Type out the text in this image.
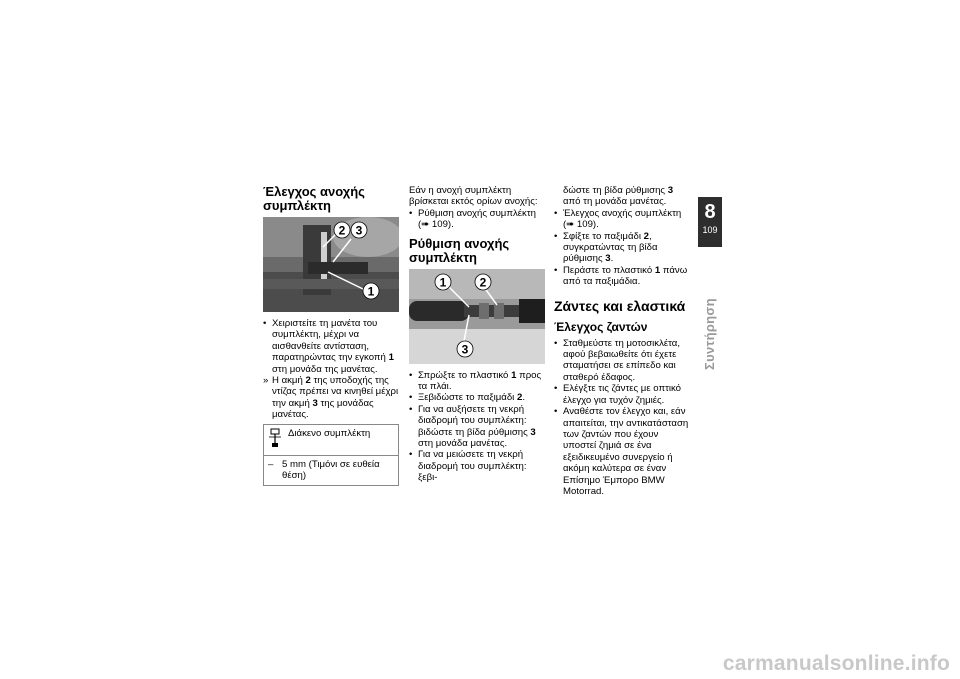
Έλεγχος ανοχής συμπλέκτη
2 3
1
• Χειριστείτε τη μανέτα του συμπλέκτη, μέχρι να αισθανθείτε αντίσταση, παρατηρώντας την εγκοπή 1 στη μονάδα της μανέτας.
» Η ακμή 2 της υποδοχής της ντίζας πρέπει να κινηθεί μέχρι την ακμή 3 της μονάδας μανέτας.
Διάκενο συμπλέκτη
– 5 mm (Τιμόνι σε ευθεία θέση)

Εάν η ανοχή συμπλέκτη βρίσκεται εκτός ορίων ανοχής:

• Ρύθμιση ανοχής συμπλέκτη
(➠ 109).
Ρύθμιση ανοχής συμπλέκτη
1	2
3
• Σπρώξτε το πλαστικό 1 προς τα πλάι.
• Ξεβιδώστε το παξιμάδι 2.
• Για να αυξήσετε τη νεκρή διαδρομή του συμπλέκτη: βιδώστε τη βίδα ρύθμισης 3 στη μονάδα μανέτας.
• Για να μειώσετε τη νεκρή διαδρομή του συμπλέκτη: ξεβι-

δώστε τη βίδα ρύθμισης 3 από τη μονάδα μανέτας.

• Έλεγχος ανοχής συμπλέκτη (➠ 109).
• Σφίξτε το παξιμάδι 2, συγκρατώντας τη βίδα ρύθμισης 3.
• Περάστε το πλαστικό 1 πάνω από τα παξιμάδια.
Ζάντες και ελαστικά
Έλεγχος ζαντών
• Σταθμεύστε τη μοτοσικλέτα, αφού βεβαιωθείτε ότι έχετε σταματήσει σε επίπεδο και σταθερό έδαφος.
• Ελέγξτε τις ζάντες με οπτικό έλεγχο για τυχόν ζημιές.
• Αναθέστε τον έλεγχο και, εάν απαιτείται, την αντικατάσταση των ζαντών που έχουν υποστεί ζημιά σε ένα εξειδικευμένο συνεργείο ή ακόμη καλύτερα σε έναν Επίσημο Έμπορο BMW Motorrad.
8
109
Συντήρηση
carmanualsonline.info
